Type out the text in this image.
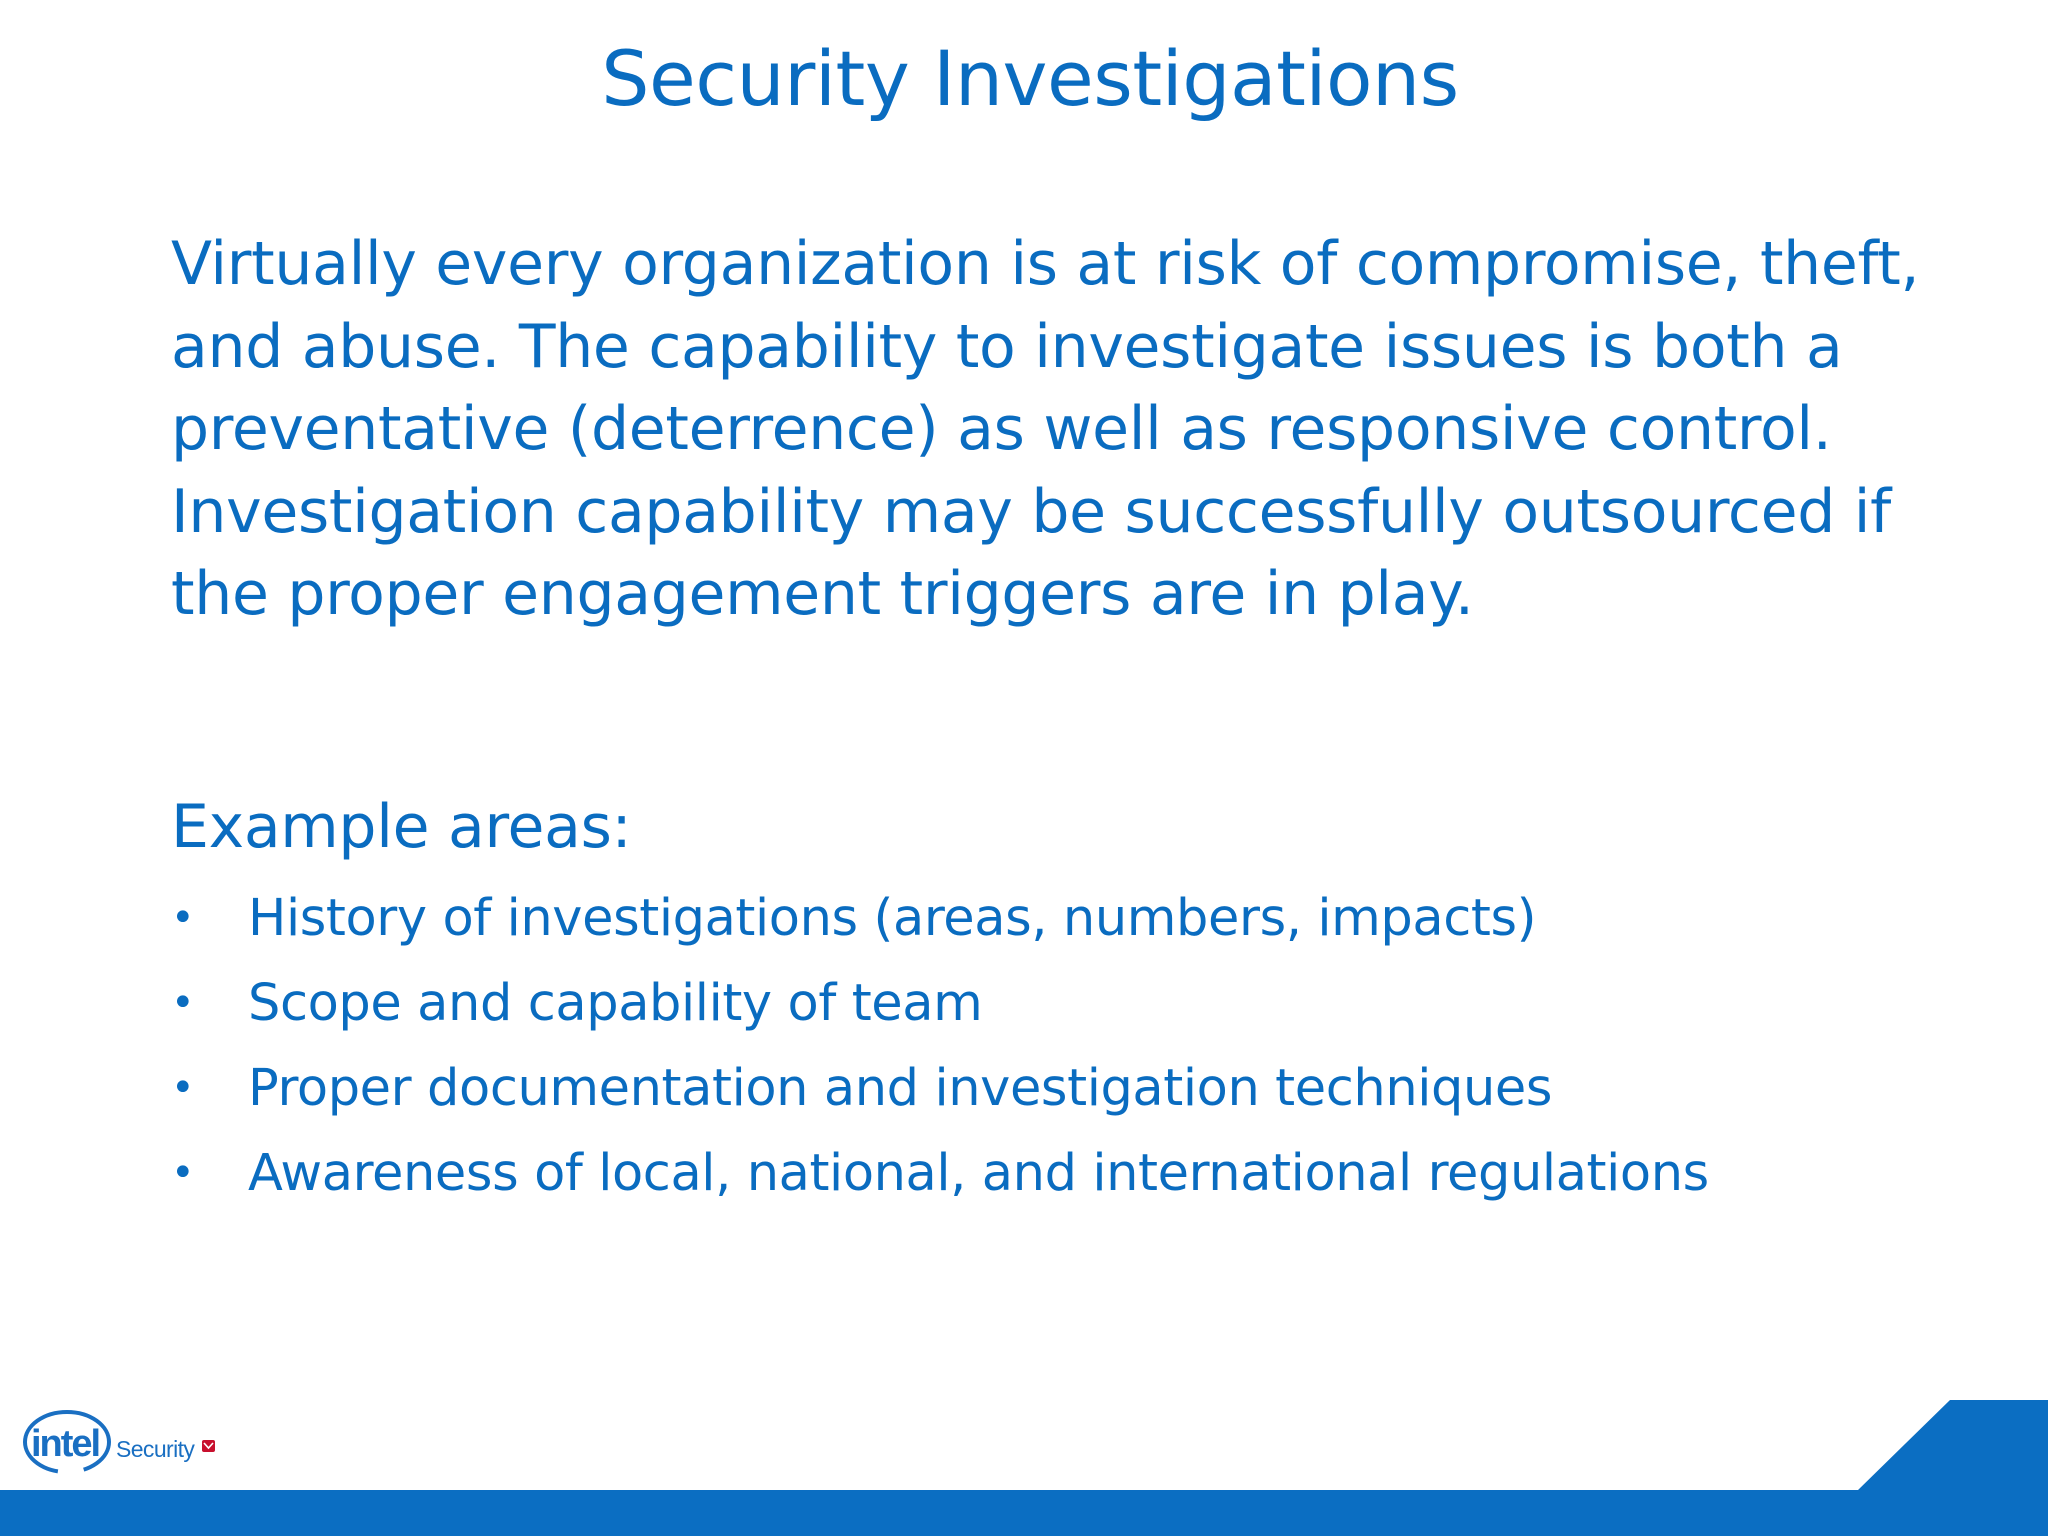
Security Investigations

Virtually every organization is at risk of compromise, theft, and abuse. The capability to investigate issues is both a preventative (deterrence) as well as responsive control. Investigation capability may be successfully outsourced if the proper engagement triggers are in play.

Example areas:

• History of investigations (areas, numbers, impacts)
• Scope and capability of team
• Proper documentation and investigation techniques
• Awareness of local, national, and international regulations
intel Security
